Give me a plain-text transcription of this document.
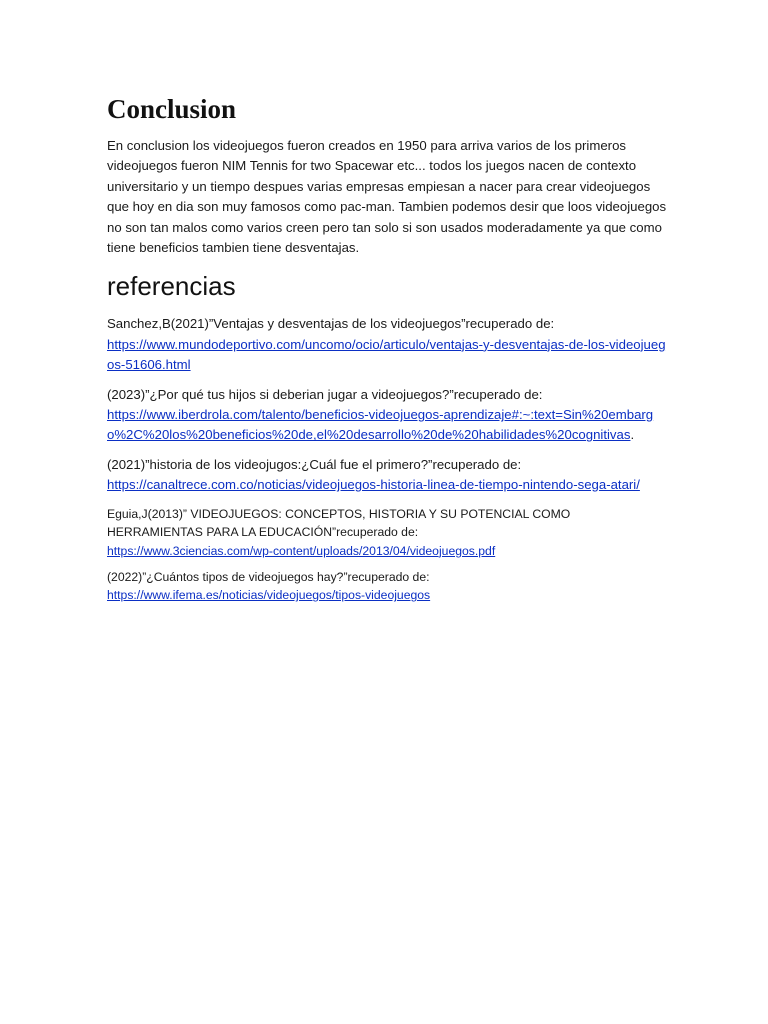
Conclusion

En conclusion los videojuegos fueron creados en 1950 para arriva varios de los primeros videojuegos fueron NIM Tennis for two Spacewar etc... todos los juegos nacen de contexto universitario y un tiempo despues varias empresas empiesan a nacer para crear videojuegos que hoy en dia son muy famosos como pac-man. Tambien podemos desir que loos videojuegos no son tan malos como varios creen pero tan solo si son usados moderadamente ya que como tiene beneficios tambien tiene desventajas.

referencias
Sanchez,B(2021)”Ventajas y desventajas de los videojuegos”recuperado de:
https://www.mundodeportivo.com/uncomo/ocio/articulo/ventajas-y-desventajas-de-los-videojuegos-51606.html
(2023)”¿Por qué tus hijos si deberian jugar a videojuegos?”recuperado de:
https://www.iberdrola.com/talento/beneficios-videojuegos-aprendizaje#:~:text=Sin%20embargo%2C%20los%20beneficios%20de,el%20desarrollo%20de%20habilidades%20cognitivas.
(2021)”historia de los videojugos:¿Cuál fue el primero?”recuperado de:
https://canaltrece.com.co/noticias/videojuegos-historia-linea-de-tiempo-nintendo-sega-atari/
Eguia,J(2013)” VIDEOJUEGOS: CONCEPTOS, HISTORIA Y SU POTENCIAL COMO HERRAMIENTAS PARA LA EDUCACIÓN”recuperado de:
https://www.3ciencias.com/wp-content/uploads/2013/04/videojuegos.pdf
(2022)”¿Cuántos tipos de videojuegos hay?”recuperado de:
https://www.ifema.es/noticias/videojuegos/tipos-videojuegos
